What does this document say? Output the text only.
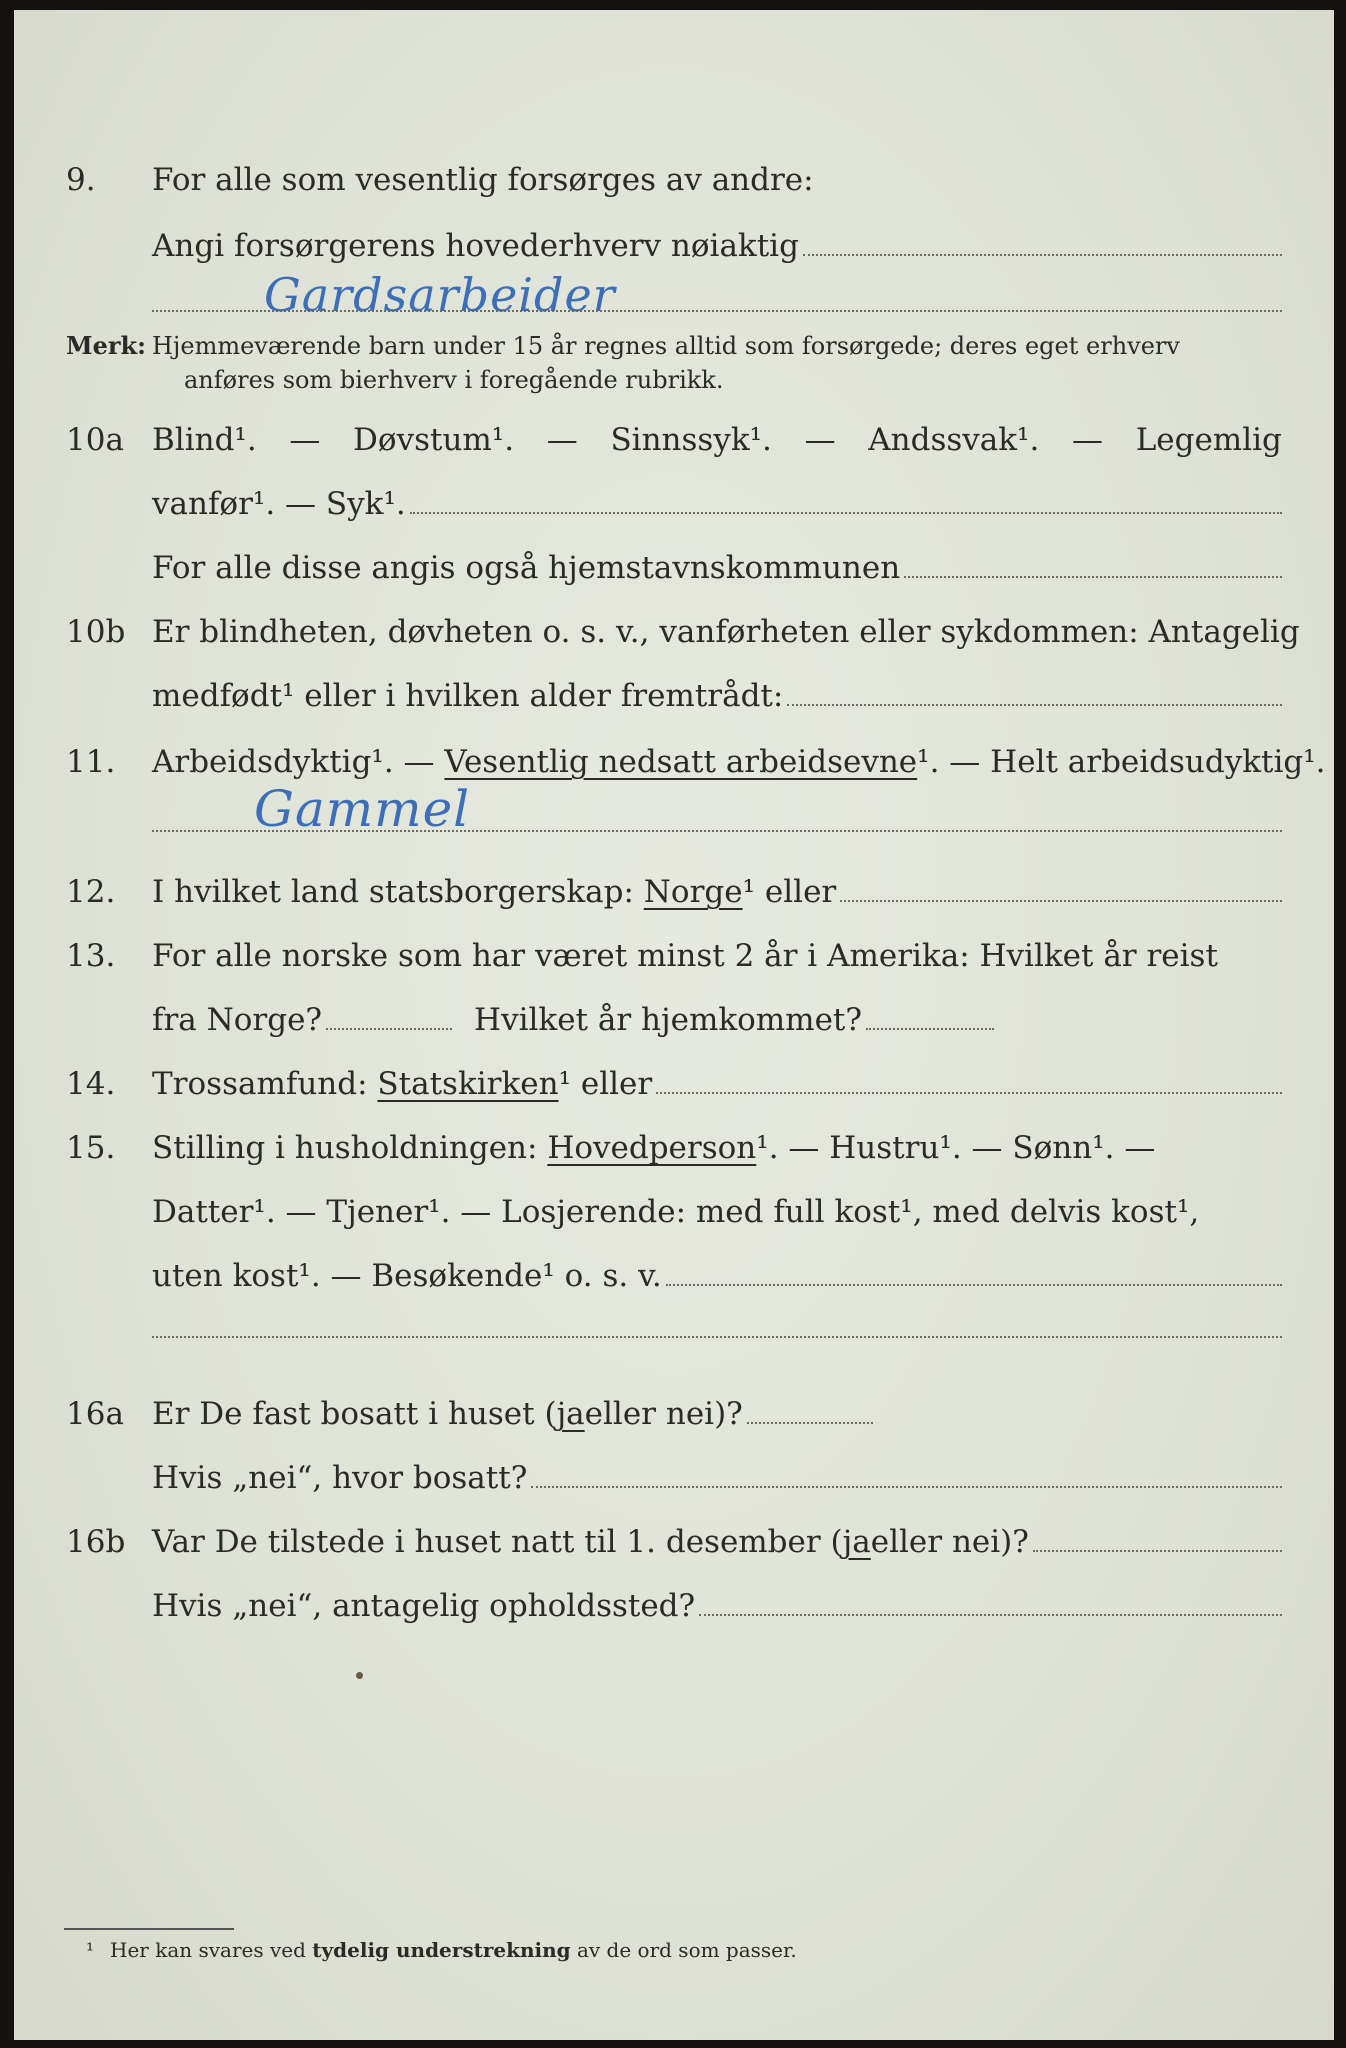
9. For alle som vesentlig forsørges av andre:
Angi forsørgerens hovederhverv nøiaktig
Gardsarbeider
Merk: Hjemmeværende barn under 15 år regnes alltid som forsørgede; deres eget erhverv
anføres som bierhverv i foregående rubrikk.
10a Blind¹. — Døvstum¹. — Sinnssyk¹. — Andssvak¹. — Legemlig
vanfør¹. — Syk¹.
For alle disse angis også hjemstavnskommunen
10b Er blindheten, døvheten o. s. v., vanførheten eller sykdommen: Antagelig
medfødt¹ eller i hvilken alder fremtrådt:
11. Arbeidsdyktig¹. — Vesentlig nedsatt arbeidsevne¹. — Helt arbeidsudyktig¹.
Gammel
12. I hvilket land statsborgerskap:
Norge ¹ eller
13. For alle norske som har været minst 2 år i Amerika: Hvilket år reist
fra Norge?	Hvilket år hjemkommet?
14. Trossamfund:
Statskirken ¹ eller
15. Stilling i husholdningen: Hovedperson¹. — Hustru¹. — Sønn¹. —
Datter¹. — Tjener¹. — Losjerende: med full kost¹, med delvis kost¹,
uten kost¹. — Besøkende¹ o. s. v.
16a Er De fast bosatt i huset ( ja eller nei)?
Hvis „nei“, hvor bosatt?
16b Var De tilstede i huset natt til 1. desember ( ja eller nei)?
Hvis „nei“, antagelig opholdssted?
¹ Her kan svares ved tydelig understrekning av de ord som passer.
